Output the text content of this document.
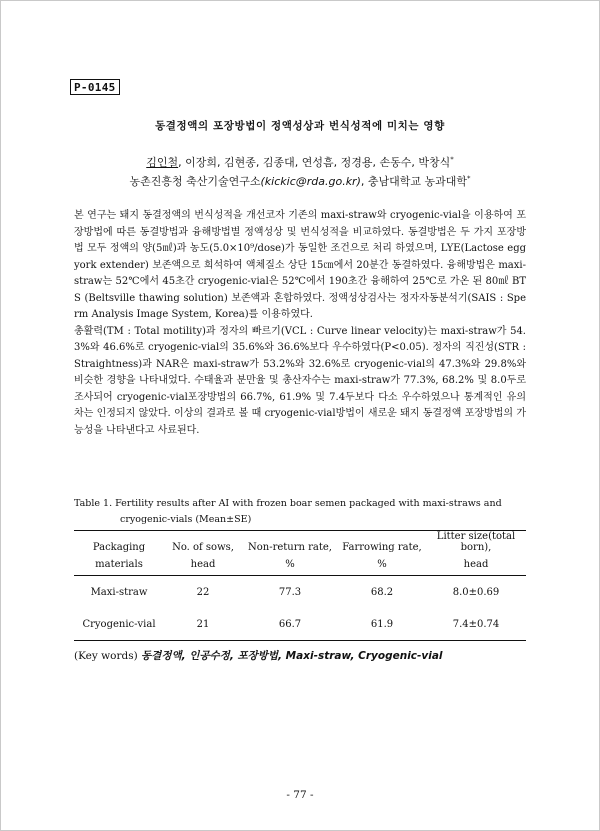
P-0145
동결정액의 포장방법이 정액성상과 번식성적에 미치는 영향
김인철, 이장희, 김현종, 김종대, 연성흠, 정경용, 손동수, 박창식*
농촌진흥청 축산기술연구소(kickic@rda.go.kr), 충남대학교 농과대학*

본 연구는 돼지 동결정액의 번식성적을 개선코자 기존의 maxi-straw와 cryogenic-vial을 이용하여 포장방법에 따른 동결방법과 융해방법별 정액성상 및 번식성적을 비교하였다. 동결방법은 두 가지 포장방법 모두 정액의 양(5㎖)과 농도(5.0×10⁹/dose)가 동일한 조건으로 처리 하였으며, LYE(Lactose egg york extender) 보존액으로 희석하여 액체질소 상단 15㎝에서 20분간 동결하였다. 융해방법은 maxi-straw는 52℃에서 45초간 cryogenic-vial은 52℃에서 190초간 융해하여 25℃로 가온 된 80㎖ BTS (Beltsville thawing solution) 보존액과 혼합하였다. 정액성상검사는 정자자동분석기(SAIS : Sperm Analysis Image System, Korea)를 이용하였다.

총활력(TM : Total motility)과 정자의 빠르기(VCL : Curve linear velocity)는 maxi-straw가 54.3%와 46.6%로 cryogenic-vial의 35.6%와 36.6%보다 우수하였다(P<0.05). 정자의 직진성(STR : Straightness)과 NAR은 maxi-straw가 53.2%와 32.6%로 cryogenic-vial의 47.3%와 29.8%와 비슷한 경향을 나타내었다. 수태율과 분만율 및 총산자수는 maxi-straw가 77.3%, 68.2% 및 8.0두로 조사되어 cryogenic-vial포장방법의 66.7%, 61.9% 및 7.4두보다 다소 우수하였으나 통계적인 유의차는 인정되지 않았다. 이상의 결과로 볼 때 cryogenic-vial방법이 새로운 돼지 동결정액 포장방법의 가능성을 나타낸다고 사료된다.

Table 1. Fertility results after AI with frozen boar semen packaged with maxi-straws and
cryogenic-vials (Mean±SE)
Packaging	No. of sows,	Non-return rate,	Farrowing rate,	Litter size(total born),
materials	head	%	%	head
Maxi-straw	22	77.3	68.2	8.0±0.69
Cryogenic-vial	21	66.7	61.9	7.4±0.74
(Key words) 동결정액, 인공수정, 포장방법, Maxi-straw, Cryogenic-vial
- 77 -
